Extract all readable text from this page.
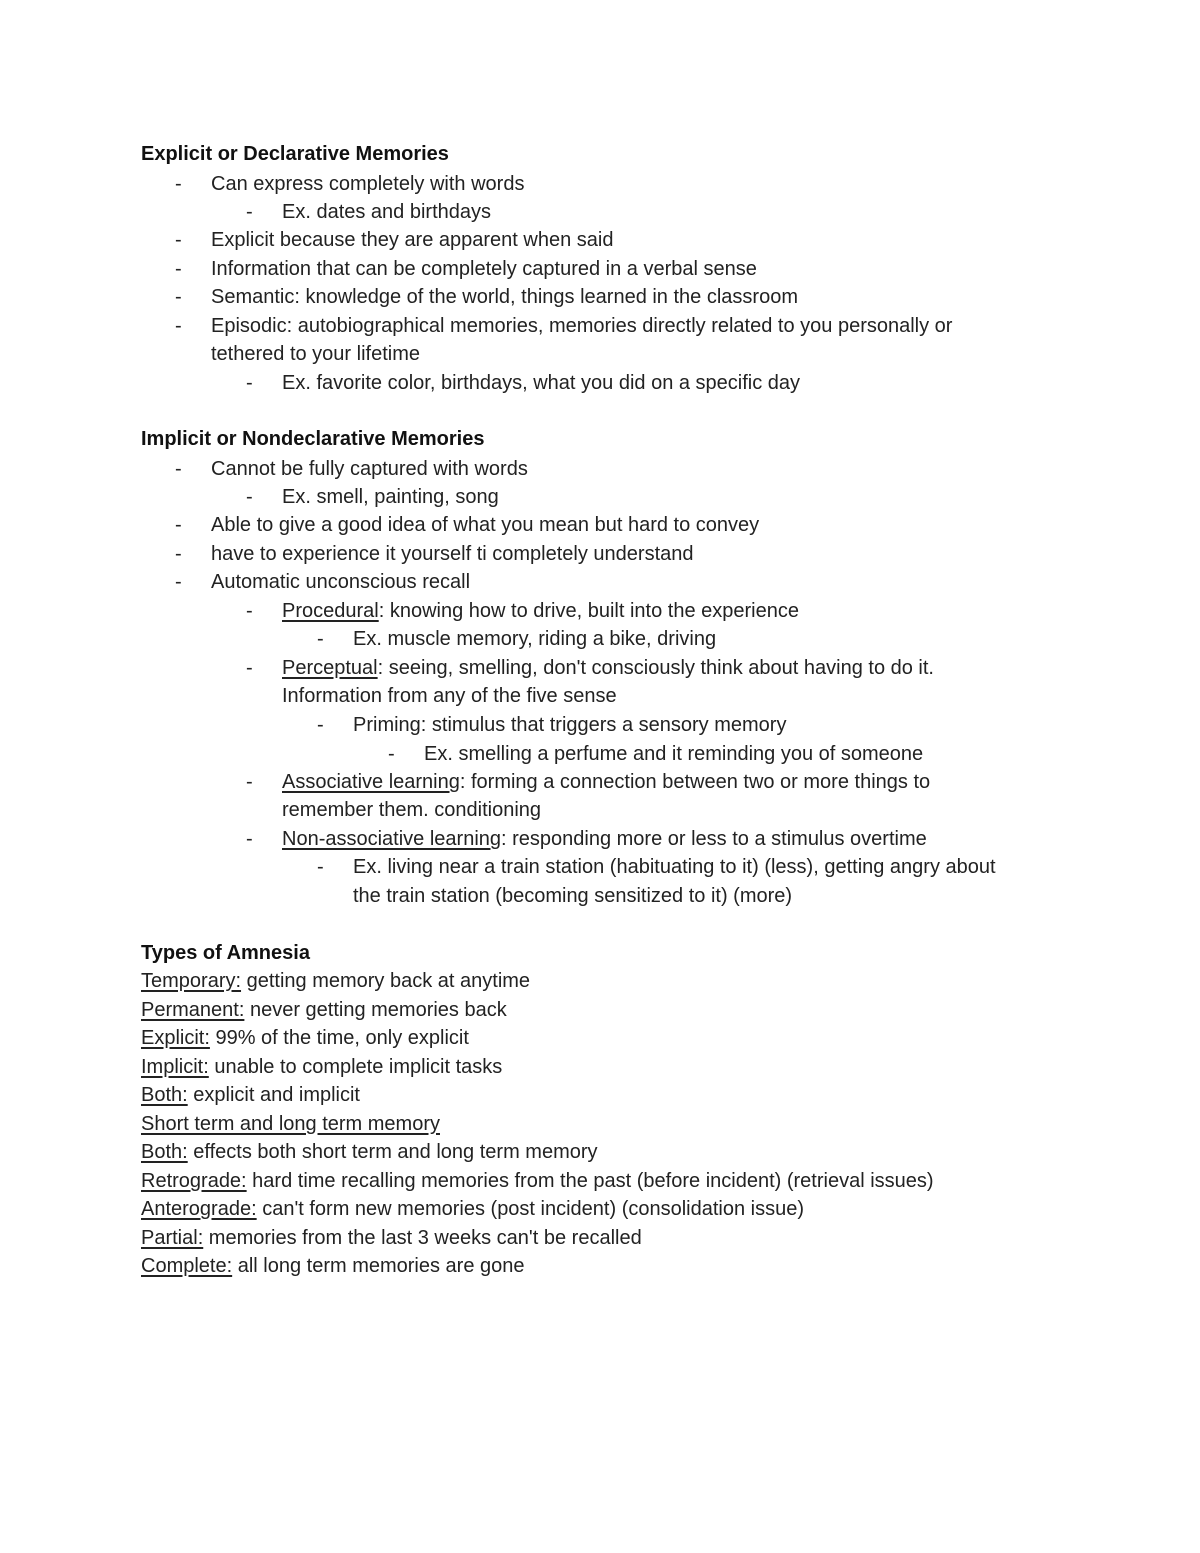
Explicit or Declarative Memories
- Can express completely with words
- Ex. dates and birthdays
- Explicit because they are apparent when said
- Information that can be completely captured in a verbal sense
- Semantic: knowledge of the world, things learned in the classroom
- Episodic: autobiographical memories, memories directly related to you personally or
tethered to your lifetime
- Ex. favorite color, birthdays, what you did on a specific day
Implicit or Nondeclarative Memories
- Cannot be fully captured with words
- Ex. smell, painting, song
- Able to give a good idea of what you mean but hard to convey
- have to experience it yourself ti completely understand
- Automatic unconscious recall
- Procedural: knowing how to drive, built into the experience
- Ex. muscle memory, riding a bike, driving
- Perceptual: seeing, smelling, don't consciously think about having to do it.
Information from any of the five sense
- Priming: stimulus that triggers a sensory memory
- Ex. smelling a perfume and it reminding you of someone
- Associative learning: forming a connection between two or more things to
remember them. conditioning
- Non-associative learning: responding more or less to a stimulus overtime
- Ex. living near a train station (habituating to it) (less), getting angry about
the train station (becoming sensitized to it) (more)
Types of Amnesia
Temporary: getting memory back at anytime
Permanent: never getting memories back
Explicit: 99% of the time, only explicit
Implicit: unable to complete implicit tasks
Both: explicit and implicit
Short term and long term memory
Both: effects both short term and long term memory
Retrograde: hard time recalling memories from the past (before incident) (retrieval issues)
Anterograde: can't form new memories (post incident) (consolidation issue)
Partial: memories from the last 3 weeks can't be recalled
Complete: all long term memories are gone
